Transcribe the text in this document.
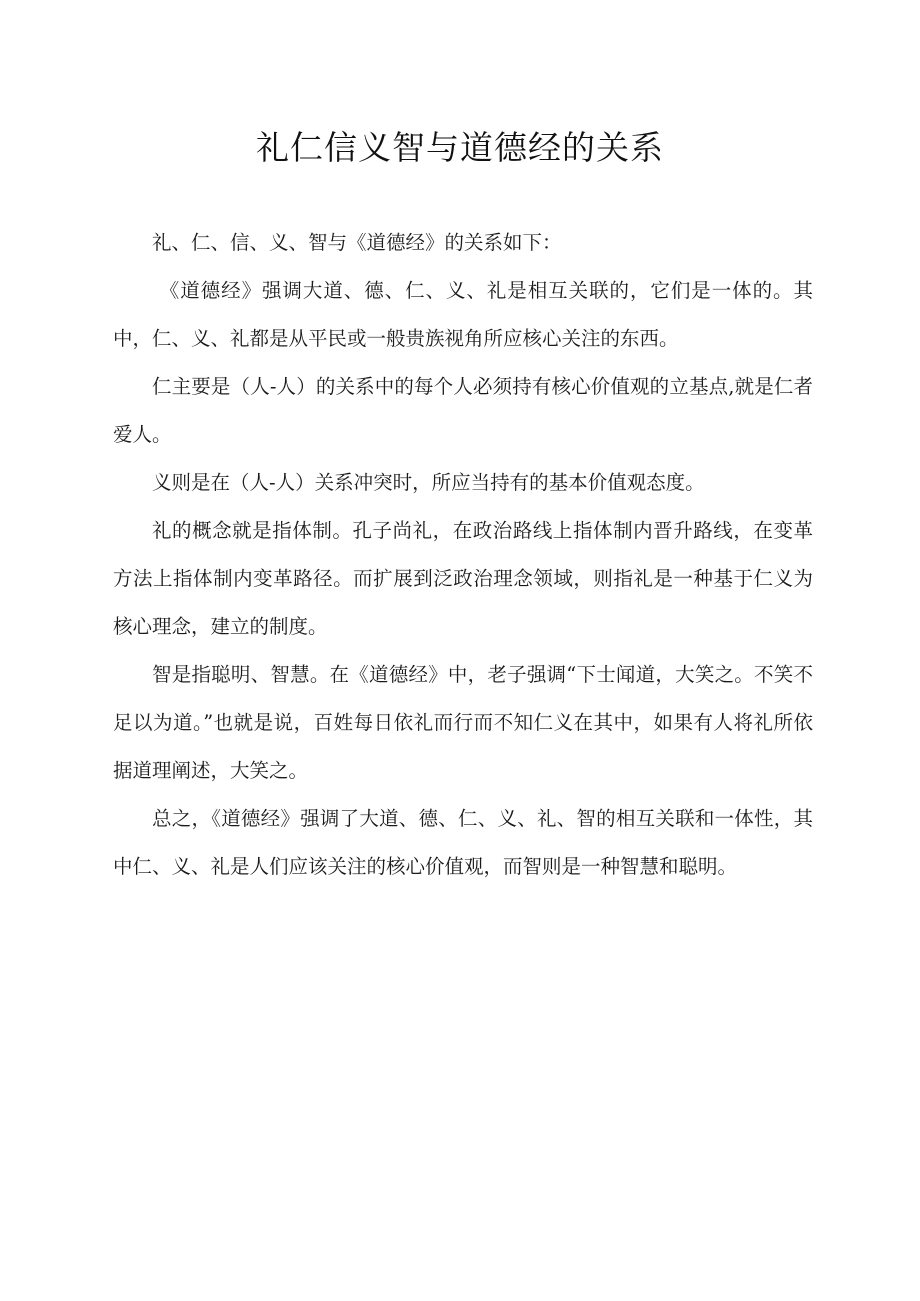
礼仁信义智与道德经的关系

礼、仁、信、义、智与《道德经》的关系如下：

《道德经》强调大道、德、仁、义、礼是相互关联的，它们是一体的。其中，仁、义、礼都是从平民或一般贵族视角所应核心关注的东西。

仁主要是（人-人）的关系中的每个人必须持有核心价值观的立基点,就是仁者爱人。

义则是在（人-人）关系冲突时，所应当持有的基本价值观态度。

礼的概念就是指体制。孔子尚礼，在政治路线上指体制内晋升路线，在变革方法上指体制内变革路径。而扩展到泛政治理念领域，则指礼是一种基于仁义为核心理念，建立的制度。

智是指聪明、智慧。在《道德经》中，老子强调“下士闻道，大笑之。不笑不足以为道。”也就是说，百姓每日依礼而行而不知仁义在其中，如果有人将礼所依据道理阐述，大笑之。

总之，《道德经》强调了大道、德、仁、义、礼、智的相互关联和一体性，其中仁、义、礼是人们应该关注的核心价值观，而智则是一种智慧和聪明。
